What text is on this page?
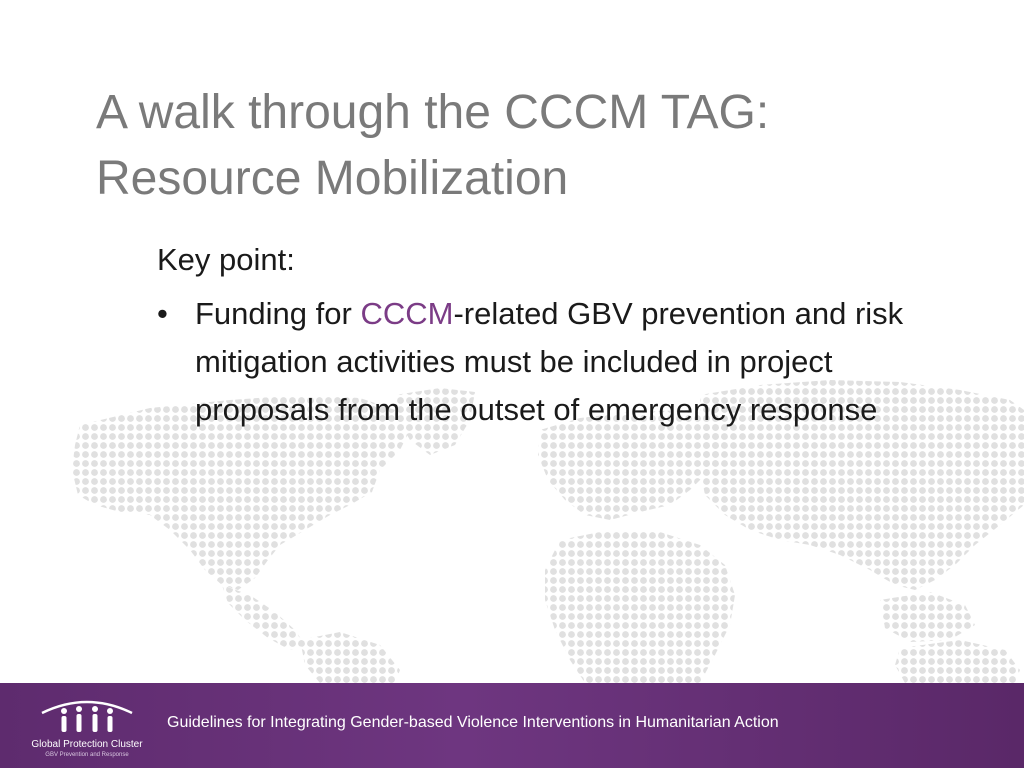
A walk through the CCCM TAG:
Resource Mobilization
Key point:
• Funding for CCCM-related GBV prevention and risk mitigation activities must be included in project proposals from the outset of emergency response
Global Protection Cluster
GBV Prevention and Response
Guidelines for Integrating Gender-based Violence Interventions in Humanitarian Action
